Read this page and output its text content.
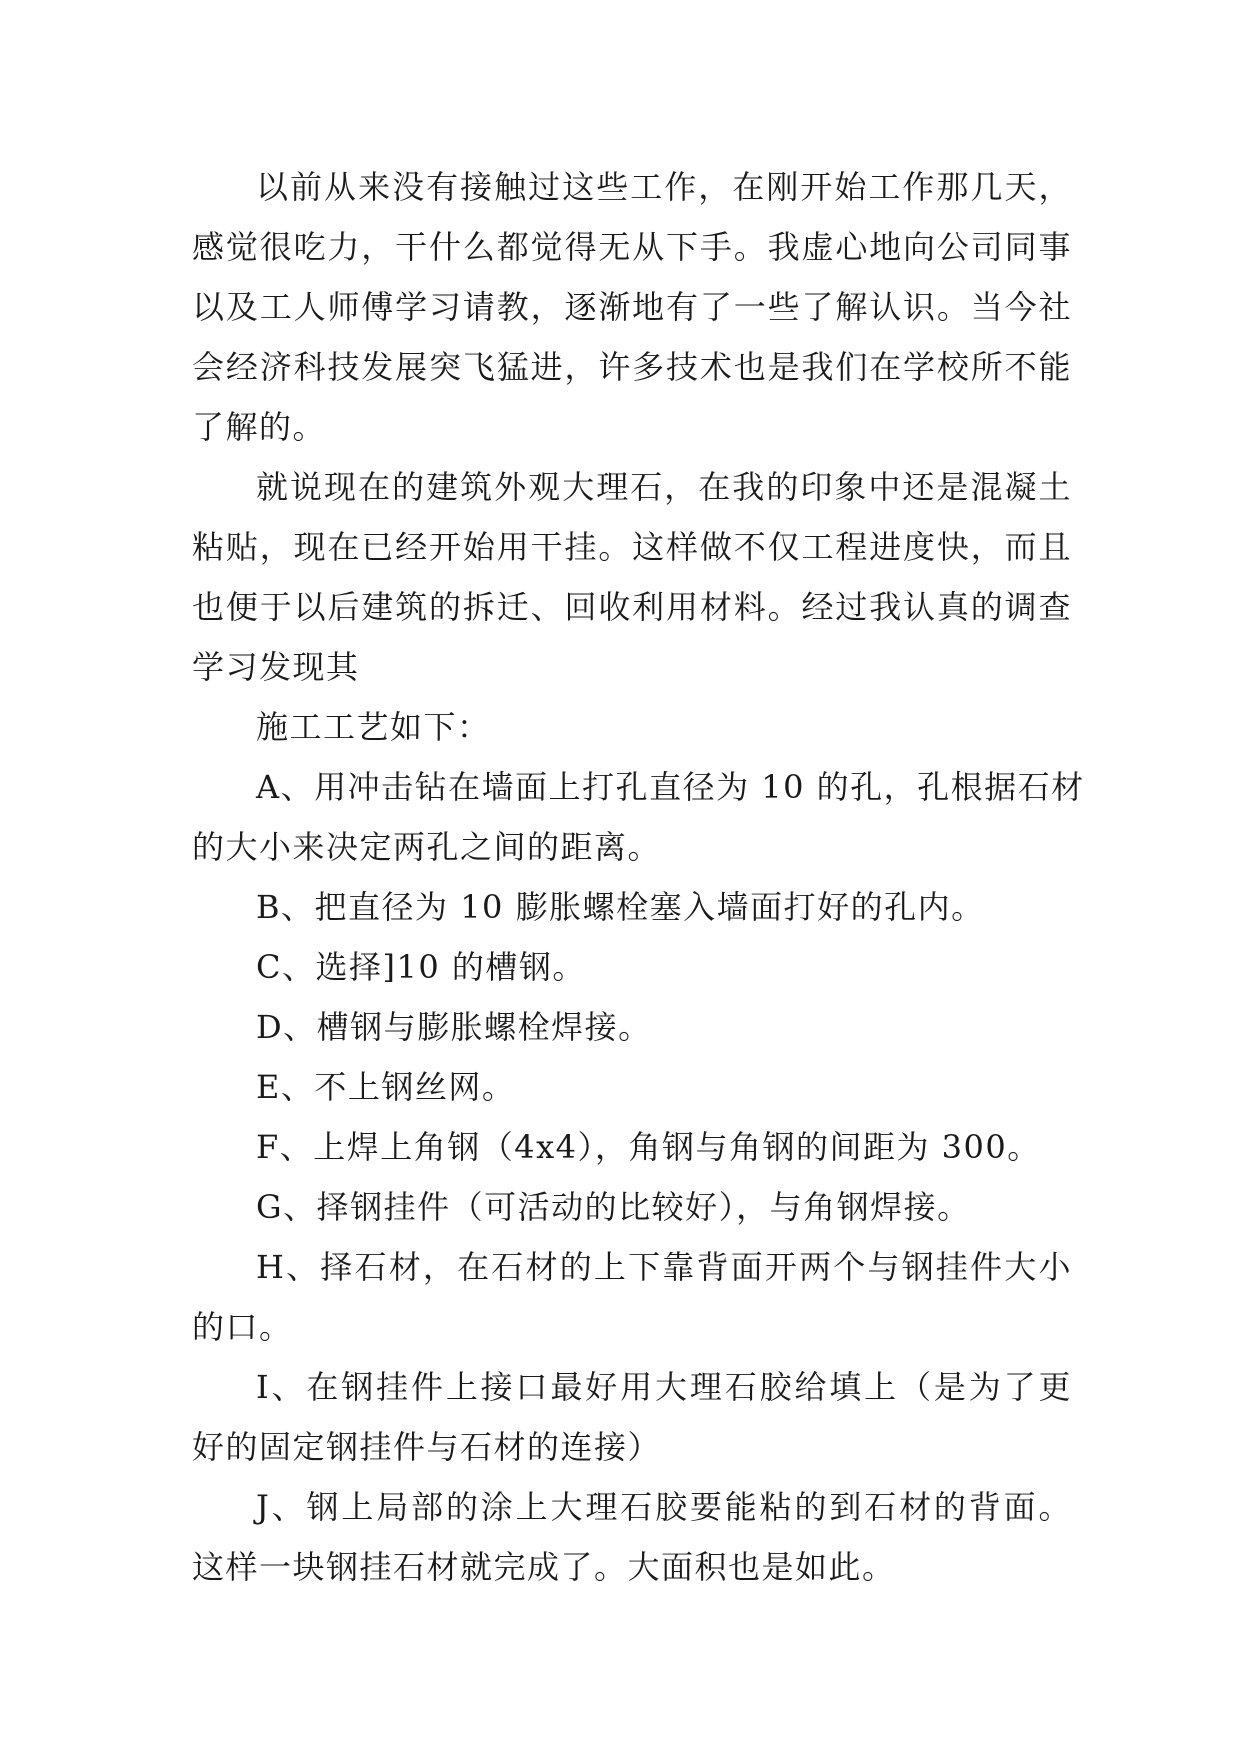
以前从来没有接触过这些工作，在刚开始工作那几天，
感觉很吃力，干什么都觉得无从下手。我虚心地向公司同事
以及工人师傅学习请教，逐渐地有了一些了解认识。当今社
会经济科技发展突飞猛进，许多技术也是我们在学校所不能
了解的。
就说现在的建筑外观大理石，在我的印象中还是混凝土
粘贴，现在已经开始用干挂。这样做不仅工程进度快，而且
也便于以后建筑的拆迁、回收利用材料。经过我认真的调查
学习发现其
施工工艺如下：
A、用冲击钻在墙面上打孔直径为 10 的孔，孔根据石材
的大小来决定两孔之间的距离。
B、把直径为 10 膨胀螺栓塞入墙面打好的孔内。
C、选择]10 的槽钢。
D、槽钢与膨胀螺栓焊接。
E、不上钢丝网。
F、上焊上角钢（4x4），角钢与角钢的间距为 300。
G、择钢挂件（可活动的比较好），与角钢焊接。
H、择石材，在石材的上下靠背面开两个与钢挂件大小
的口。
I、在钢挂件上接口最好用大理石胶给填上（是为了更
好的固定钢挂件与石材的连接）
J、钢上局部的涂上大理石胶要能粘的到石材的背面。
这样一块钢挂石材就完成了。大面积也是如此。
